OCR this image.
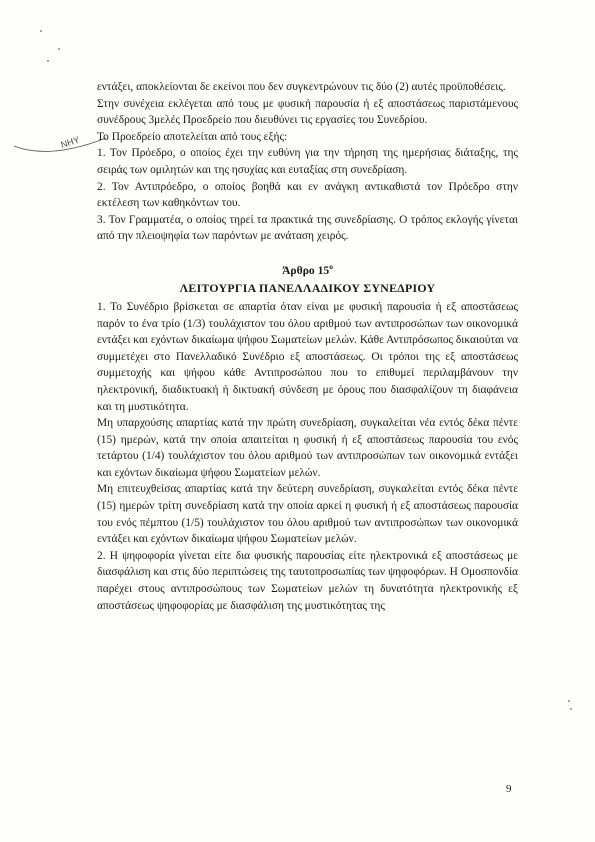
ΝΗΥ

εντάξει, αποκλείονται δε εκείνοι που δεν συγκεντρώνουν τις δύο (2) αυτές προϋποθέσεις.

Στην συνέχεια εκλέγεται από τους με φυσική παρουσία ή εξ αποστάσεως παριστάμενους συνέδρους 3μελές Προεδρείο που διευθύνει τις εργασίες του Συνεδρίου.

Το Προεδρείο αποτελείται από τους εξής:

1. Τον Πρόεδρο, ο οποίος έχει την ευθύνη για την τήρηση της ημερήσιας διάταξης, της σειράς των ομιλητών και της ησυχίας και ευταξίας στη συνεδρίαση.

2. Τον Αντιπρόεδρο, ο οποίος βοηθά και εν ανάγκη αντικαθιστά τον Πρόεδρο στην εκτέλεση των καθηκόντων του.

3. Τον Γραμματέα, ο οποίος τηρεί τα πρακτικά της συνεδρίασης. Ο τρόπος εκλογής γίνεται από την πλειοψηφία των παρόντων με ανάταση χειρός.

Άρθρο $15^o$
ΛΕΙΤΟΥΡΓΙΑ ΠΑΝΕΛΛΑΔΙΚΟΥ ΣΥΝΕΔΡΙΟΥ

1. Το Συνέδριο βρίσκεται σε απαρτία όταν είναι με φυσική παρουσία ή εξ αποστάσεως παρόν το ένα τρίο (1/3) τουλάχιστον του όλου αριθμού των αντιπροσώπων των οικονομικά εντάξει και εχόντων δικαίωμα ψήφου Σωματείων μελών. Κάθε Αντιπρόσωπος δικαιούται να συμμετέχει στο Πανελλαδικό Συνέδριο εξ αποστάσεως. Οι τρόποι της εξ αποστάσεως συμμετοχής και ψήφου κάθε Αντιπροσώπου που το επιθυμεί περιλαμβάνουν την ηλεκτρονική, διαδικτυακή ή δικτυακή σύνδεση με όρους που διασφαλίζουν τη διαφάνεια και τη μυστικότητα.

Μη υπαρχούσης απαρτίας κατά την πρώτη συνεδρίαση, συγκαλείται νέα εντός δέκα πέντε (15) ημερών, κατά την οποία απαιτείται η φυσική ή εξ αποστάσεως παρουσία του ενός τετάρτου (1/4) τουλάχιστον του όλου αριθμού των αντιπροσώπων των οικονομικά εντάξει και εχόντων δικαίωμα ψήφου Σωματείων μελών.

Μη επιτευχθείσας απαρτίας κατά την δεύτερη συνεδρίαση, συγκαλείται εντός δέκα πέντε (15) ημερών τρίτη συνεδρίαση κατά την οποία αρκεί η φυσική ή εξ αποστάσεως παρουσία του ενός πέμπτου (1/5) τουλάχιστον του όλου αριθμού των αντιπροσώπων των οικονομικά εντάξει και εχόντων δικαίωμα ψήφου Σωματείων μελών.

2. Η ψηφοφορία γίνεται είτε δια φυσικής παρουσίας είτε ηλεκτρονικά εξ αποστάσεως με διασφάλιση και στις δύο περιπτώσεις της ταυτοπροσωπίας των ψηφοφόρων. Η Ομοσπονδία παρέχει στους αντιπροσώπους των Σωματείων μελών τη δυνατότητα ηλεκτρονικής εξ αποστάσεως ψηφοφορίας με διασφάλιση της μυστικότητας της

9
